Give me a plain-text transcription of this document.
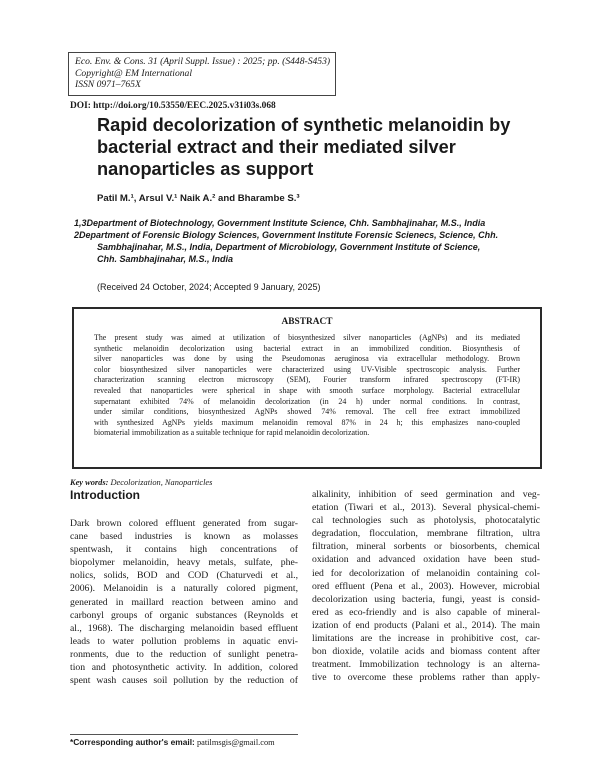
Eco. Env. & Cons. 31 (April Suppl. Issue) : 2025; pp. (S448-S453)
Copyright@ EM International
ISSN 0971–765X
DOI: http://doi.org/10.53550/EEC.2025.v31i03s.068
Rapid decolorization of synthetic melanoidin by
bacterial extract and their mediated silver
nanoparticles as support
Patil M.¹, Arsul V.¹ Naik A.² and Bharambe S.³
1,3Department of Biotechnology, Government Institute Science, Chh. Sambhajinahar, M.S., India
2Department of Forensic Biology Sciences, Government Institute Forensic Scienecs, Science, Chh.
Sambhajinahar, M.S., India, Department of Microbiology, Government Institute of Science,
Chh. Sambhajinahar, M.S., India
(Received 24 October, 2024; Accepted 9 January, 2025)
ABSTRACT
The present study was aimed at utilization of biosynthesized silver nanoparticles (AgNPs) and its mediated
synthetic melanoidin decolorization using bacterial extract in an immobilized condition. Biosynthesis of
silver nanoparticles was done by using the Pseudomonas aeruginosa via extracellular methodology. Brown
color biosynthesized silver nanoparticles were characterized using UV-Visible spectroscopic analysis. Further
characterization scanning electron microscopy (SEM), Fourier transform infrared spectroscopy (FT-IR)
revealed that nanoparticles were spherical in shape with smooth surface morphology. Bacterial extracellular
supernatant exhibited 74% of melanoidin decolorization (in 24 h) under normal conditions. In contrast,
under similar conditions, biosynthesized AgNPs showed 74% removal. The cell free extract immobilized
with synthesized AgNPs yields maximum melanoidin removal 87% in 24 h; this emphasizes nano-coupled
biomaterial immobilization as a suitable technique for rapid melanoidin decolorization.
Key words: Decolorization, Nanoparticles
Introduction
Dark brown colored effluent generated from sugar-
cane based industries is known as molasses
spentwash, it contains high concentrations of
biopolymer melanoidin, heavy metals, sulfate, phe-
nolics, solids, BOD and COD (Chaturvedi et al.,
2006). Melanoidin is a naturally colored pigment,
generated in maillard reaction between amino and
carbonyl groups of organic substances (Reynolds et
al., 1968). The discharging melanoidin based effluent
leads to water pollution problems in aquatic envi-
ronments, due to the reduction of sunlight penetra-
tion and photosynthetic activity. In addition, colored
spent wash causes soil pollution by the reduction of
alkalinity, inhibition of seed germination and veg-
etation (Tiwari et al., 2013). Several physical-chemi-
cal technologies such as photolysis, photocatalytic
degradation, flocculation, membrane filtration, ultra
filtration, mineral sorbents or biosorbents, chemical
oxidation and advanced oxidation have been stud-
ied for decolorization of melanoidin containing col-
ored effluent (Pena et al., 2003). However, microbial
decolorization using bacteria, fungi, yeast is consid-
ered as eco-friendly and is also capable of mineral-
ization of end products (Palani et al., 2014). The main
limitations are the increase in prohibitive cost, car-
bon dioxide, volatile acids and biomass content after
treatment. Immobilization technology is an alterna-
tive to overcome these problems rather than apply-
*Corresponding author's email: patilmsgis@gmail.com
